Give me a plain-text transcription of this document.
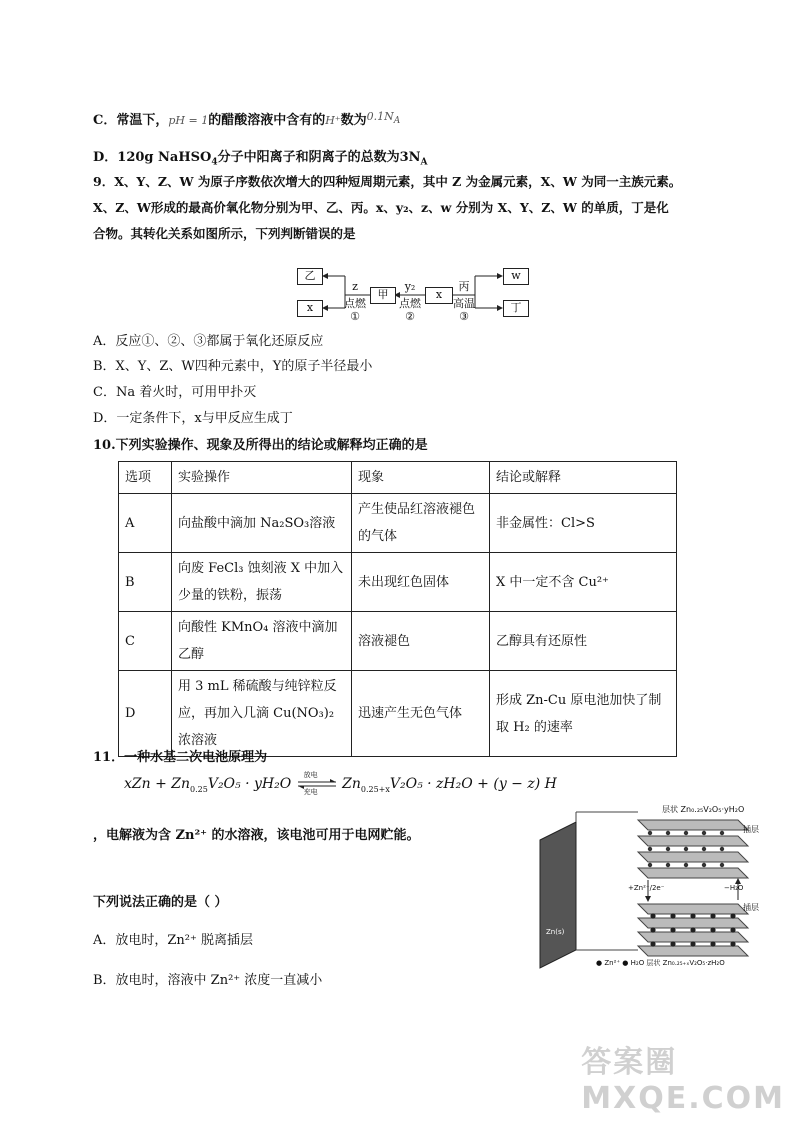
C．常温下，pH = 1的醋酸溶液中含有的H⁺数为$^{0.1N_A}$
D．120g NaHSO$_4$分子中阳离子和阴离子的总数为$3N_A$
9．X、Y、Z、W 为原子序数依次增大的四种短周期元素，其中 Z 为金属元素，X、W 为同一主族元素。
X、Z、W形成的最高价氧化物分别为甲、乙、丙。x、y₂、z、w 分别为 X、Y、Z、W 的单质，丁是化
合物。其转化关系如图所示，下列判断错误的是
乙
x
甲	x
w
丁
z
点燃
①
y₂
点燃
②
丙
高温
③
A．反应①、②、③都属于氧化还原反应
B．X、Y、Z、W四种元素中，Y的原子半径最小
C．Na 着火时，可用甲扑灭
D．一定条件下，x与甲反应生成丁
10.下列实验操作、现象及所得出的结论或解释均正确的是
选项	实验操作	现象	结论或解释
A	向盐酸中滴加 Na₂SO₃溶液	产生使品红溶液褪色的气体	非金属性：Cl>S
B	向废 FeCl₃ 蚀刻液 X 中加入少量的铁粉，振荡	未出现红色固体	X 中一定不含 Cu²⁺
C	向酸性 KMnO₄ 溶液中滴加乙醇	溶液褪色	乙醇具有还原性
D	用 3 mL 稀硫酸与纯锌粒反应，再加入几滴 Cu(NO₃)₂ 浓溶液	迅速产生无色气体	形成 Zn-Cu 原电池加快了制取 H₂ 的速率
11．一种水基二次电池原理为
xZn + $Zn_{0.25}V_2O_5 \cdot yH_2O$
放电
充电 $Zn_{0.25+x}V_2O_5 \cdot zH_2O + (y - z)$ H
，电解液为含 Zn²⁺ 的水溶液，该电池可用于电网贮能。
下列说法正确的是（ ）
A．放电时，Zn²⁺ 脱离插层
B．放电时，溶液中 Zn²⁺ 浓度一直减小
层状 Zn₀.₂₅V₂O₅·yH₂O
插层
+Zn²⁺/2e⁻	−H₂O
插层
Zn(s)
● Zn²⁺ ● H₂O 层状 Zn₀.₂₅₊ₓV₂O₅·zH₂O
答案圈
MXQE.COM
